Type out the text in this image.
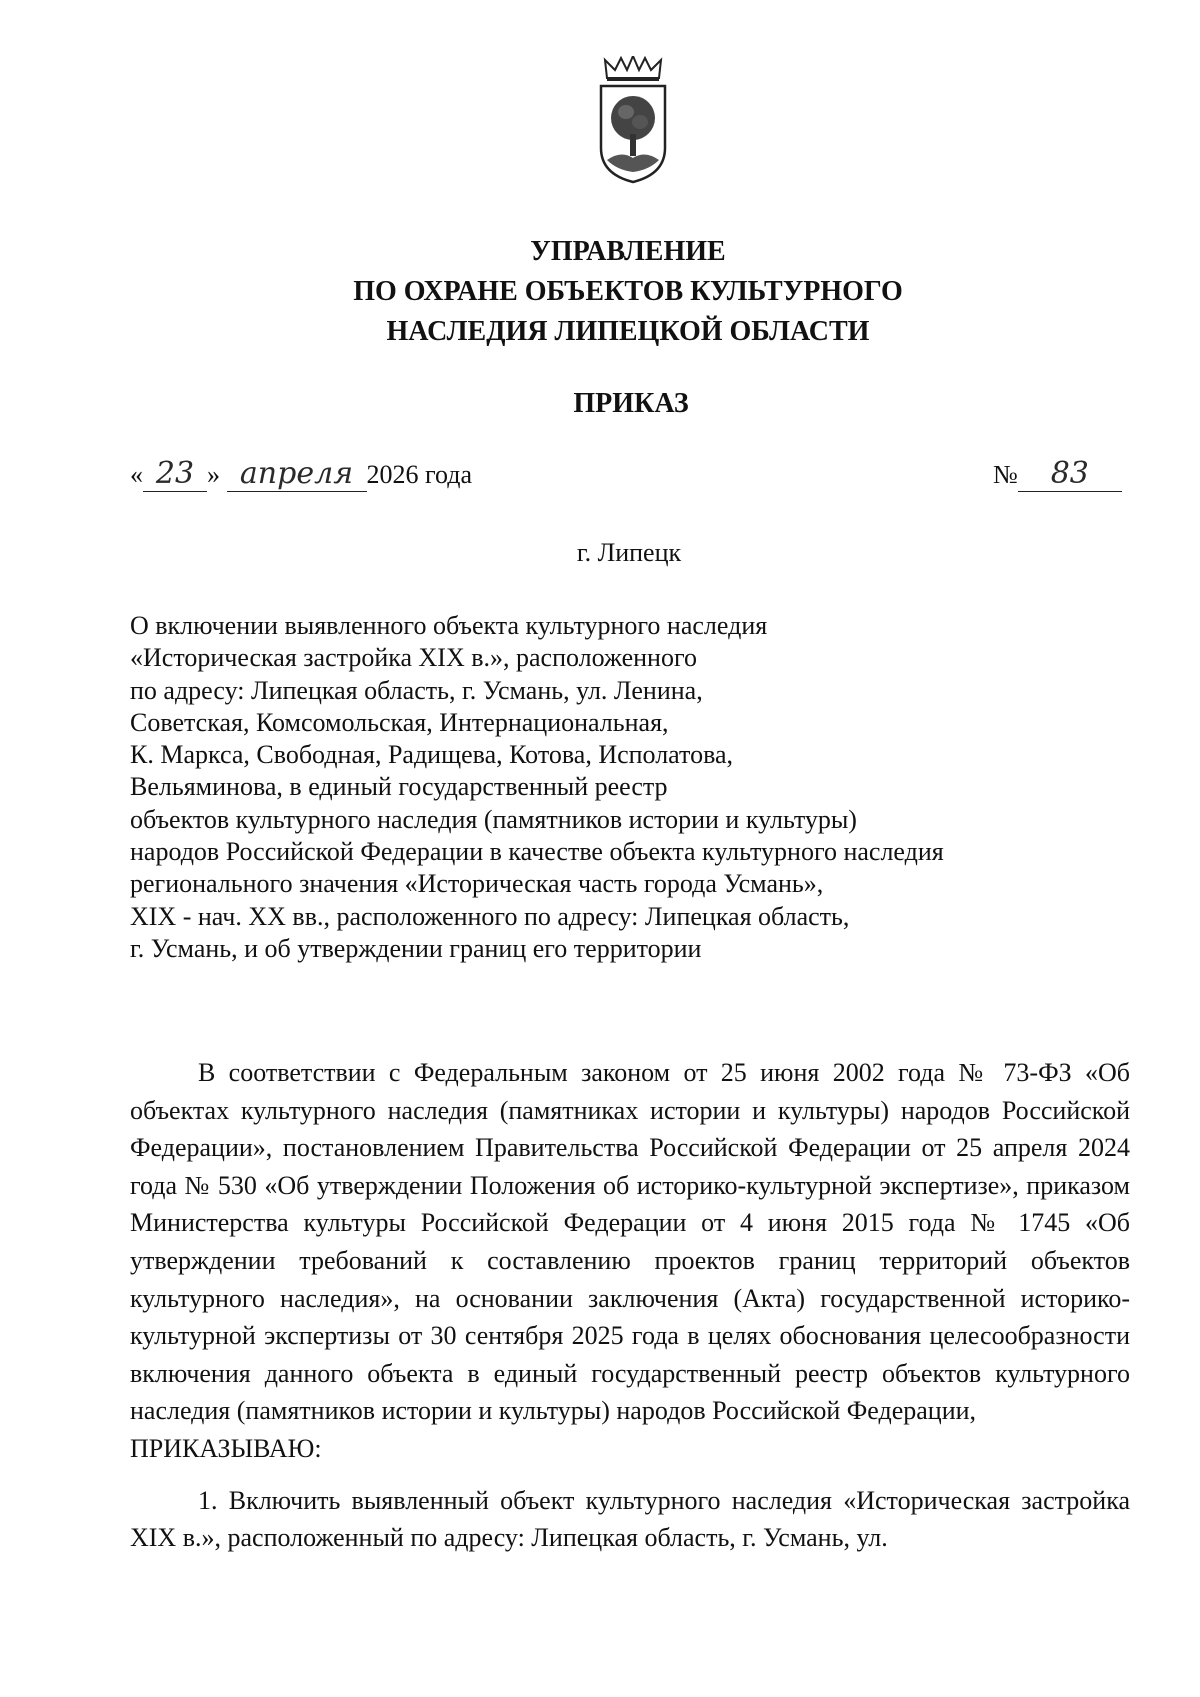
УПРАВЛЕНИЕ
ПО ОХРАНЕ ОБЪЕКТОВ КУЛЬТУРНОГО
НАСЛЕДИЯ ЛИПЕЦКОЙ ОБЛАСТИ
ПРИКАЗ
« 23 » апреля 2026 года	№ 83
г. Липецк
О включении выявленного объекта культурного наследия
«Историческая застройка XIX в.», расположенного
по адресу: Липецкая область, г. Усмань, ул. Ленина,
Советская, Комсомольская, Интернациональная,
К. Маркса, Свободная, Радищева, Котова, Исполатова,
Вельяминова, в единый государственный реестр
объектов культурного наследия (памятников истории и культуры)
народов Российской Федерации в качестве объекта культурного наследия
регионального значения «Историческая часть города Усмань»,
XIX - нач. XX вв., расположенного по адресу: Липецкая область,
г. Усмань, и об утверждении границ его территории

В соответствии с Федеральным законом от 25 июня 2002 года № 73-ФЗ «Об объектах культурного наследия (памятниках истории и культуры) народов Российской Федерации», постановлением Правительства Российской Федерации от 25 апреля 2024 года № 530 «Об утверждении Положения об историко-культурной экспертизе», приказом Министерства культуры Российской Федерации от 4 июня 2015 года № 1745 «Об утверждении требований к составлению проектов границ территорий объектов культурного наследия», на основании заключения (Акта) государственной историко-культурной экспертизы от 30 сентября 2025 года в целях обоснования целесообразности включения данного объекта в единый государственный реестр объектов культурного наследия (памятников истории и культуры) народов Российской Федерации,
ПРИКАЗЫВАЮ:

1. Включить выявленный объект культурного наследия «Историческая застройка XIX в.», расположенный по адресу: Липецкая область, г. Усмань, ул.
